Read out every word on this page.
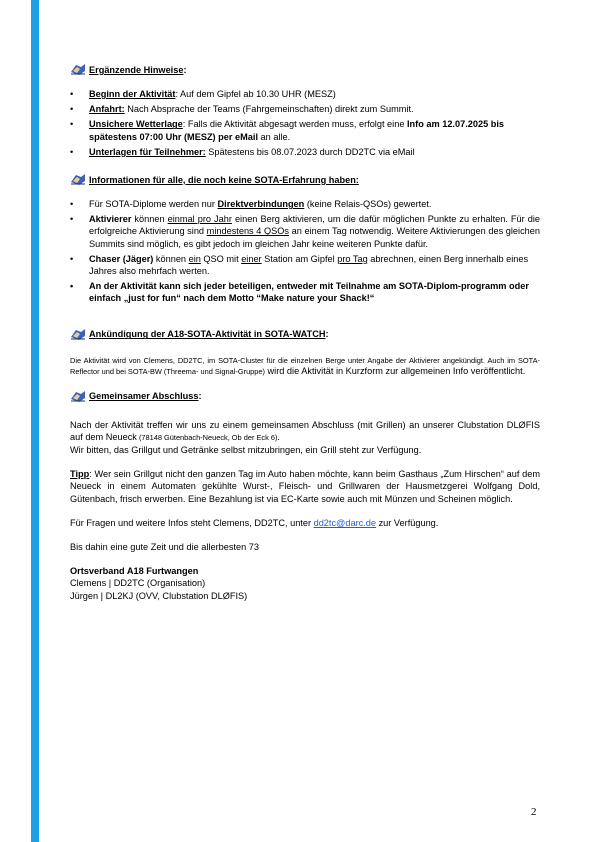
Ergänzende Hinweise :
• Beginn der Aktivität: Auf dem Gipfel ab 10.30 UHR (MESZ)
• Anfahrt: Nach Absprache der Teams (Fahrgemeinschaften) direkt zum Summit.
• Unsichere Wetterlage: Falls die Aktivität abgesagt werden muss, erfolgt eine Info am 12.07.2025 bis spätestens 07:00 Uhr (MESZ) per eMail an alle.
• Unterlagen für Teilnehmer: Spätestens bis 08.07.2023 durch DD2TC via eMail
Informationen für alle, die noch keine SOTA-Erfahrung haben:
• Für SOTA-Diplome werden nur Direktverbindungen (keine Relais-QSOs) gewertet.
• Aktivierer können einmal pro Jahr einen Berg aktivieren, um die dafür möglichen Punkte zu erhalten. Für die erfolgreiche Aktivierung sind mindestens 4 QSOs an einem Tag notwendig. Weitere Aktivierungen des gleichen Summits sind möglich, es gibt jedoch im gleichen Jahr keine weiteren Punkte dafür.
• Chaser (Jäger) können ein QSO mit einer Station am Gipfel pro Tag abrechnen, einen Berg innerhalb eines Jahres also mehrfach werten.
• An der Aktivität kann sich jeder beteiligen, entweder mit Teilnahme am SOTA-Diplom-programm oder einfach „just for fun“ nach dem Motto “Make nature your Shack!“
Ankündigung der A18-SOTA-Aktivität in SOTA-WATCH :

Die Aktivität wird von Clemens, DD2TC, im SOTA-Cluster für die einzelnen Berge unter Angabe der Aktivierer angekündigt. Auch im SOTA-Reflector und bei SOTA-BW (Threema- und Signal-Gruppe) wird die Aktivität in Kurzform zur allgemeinen Info veröffentlicht.

Gemeinsamer Abschluss :

Nach der Aktivität treffen wir uns zu einem gemeinsamen Abschluss (mit Grillen) an unserer Clubstation DLØFIS auf dem Neueck (78148 Gütenbach-Neueck, Ob der Eck 6).

Wir bitten, das Grillgut und Getränke selbst mitzubringen, ein Grill steht zur Verfügung.

Tipp: Wer sein Grillgut nicht den ganzen Tag im Auto haben möchte, kann beim Gasthaus „Zum Hirschen“ auf dem Neueck in einem Automaten gekühlte Wurst-, Fleisch- und Grillwaren der Hausmetzgerei Wolfgang Dold, Gütenbach, frisch erwerben. Eine Bezahlung ist via EC-Karte sowie auch mit Münzen und Scheinen möglich.

Für Fragen und weitere Infos steht Clemens, DD2TC, unter dd2tc@darc.de zur Verfügung.

Bis dahin eine gute Zeit und die allerbesten 73

Ortsverband A18 Furtwangen

Clemens | DD2TC (Organisation)

Jürgen | DL2KJ (OVV, Clubstation DLØFIS)

2
